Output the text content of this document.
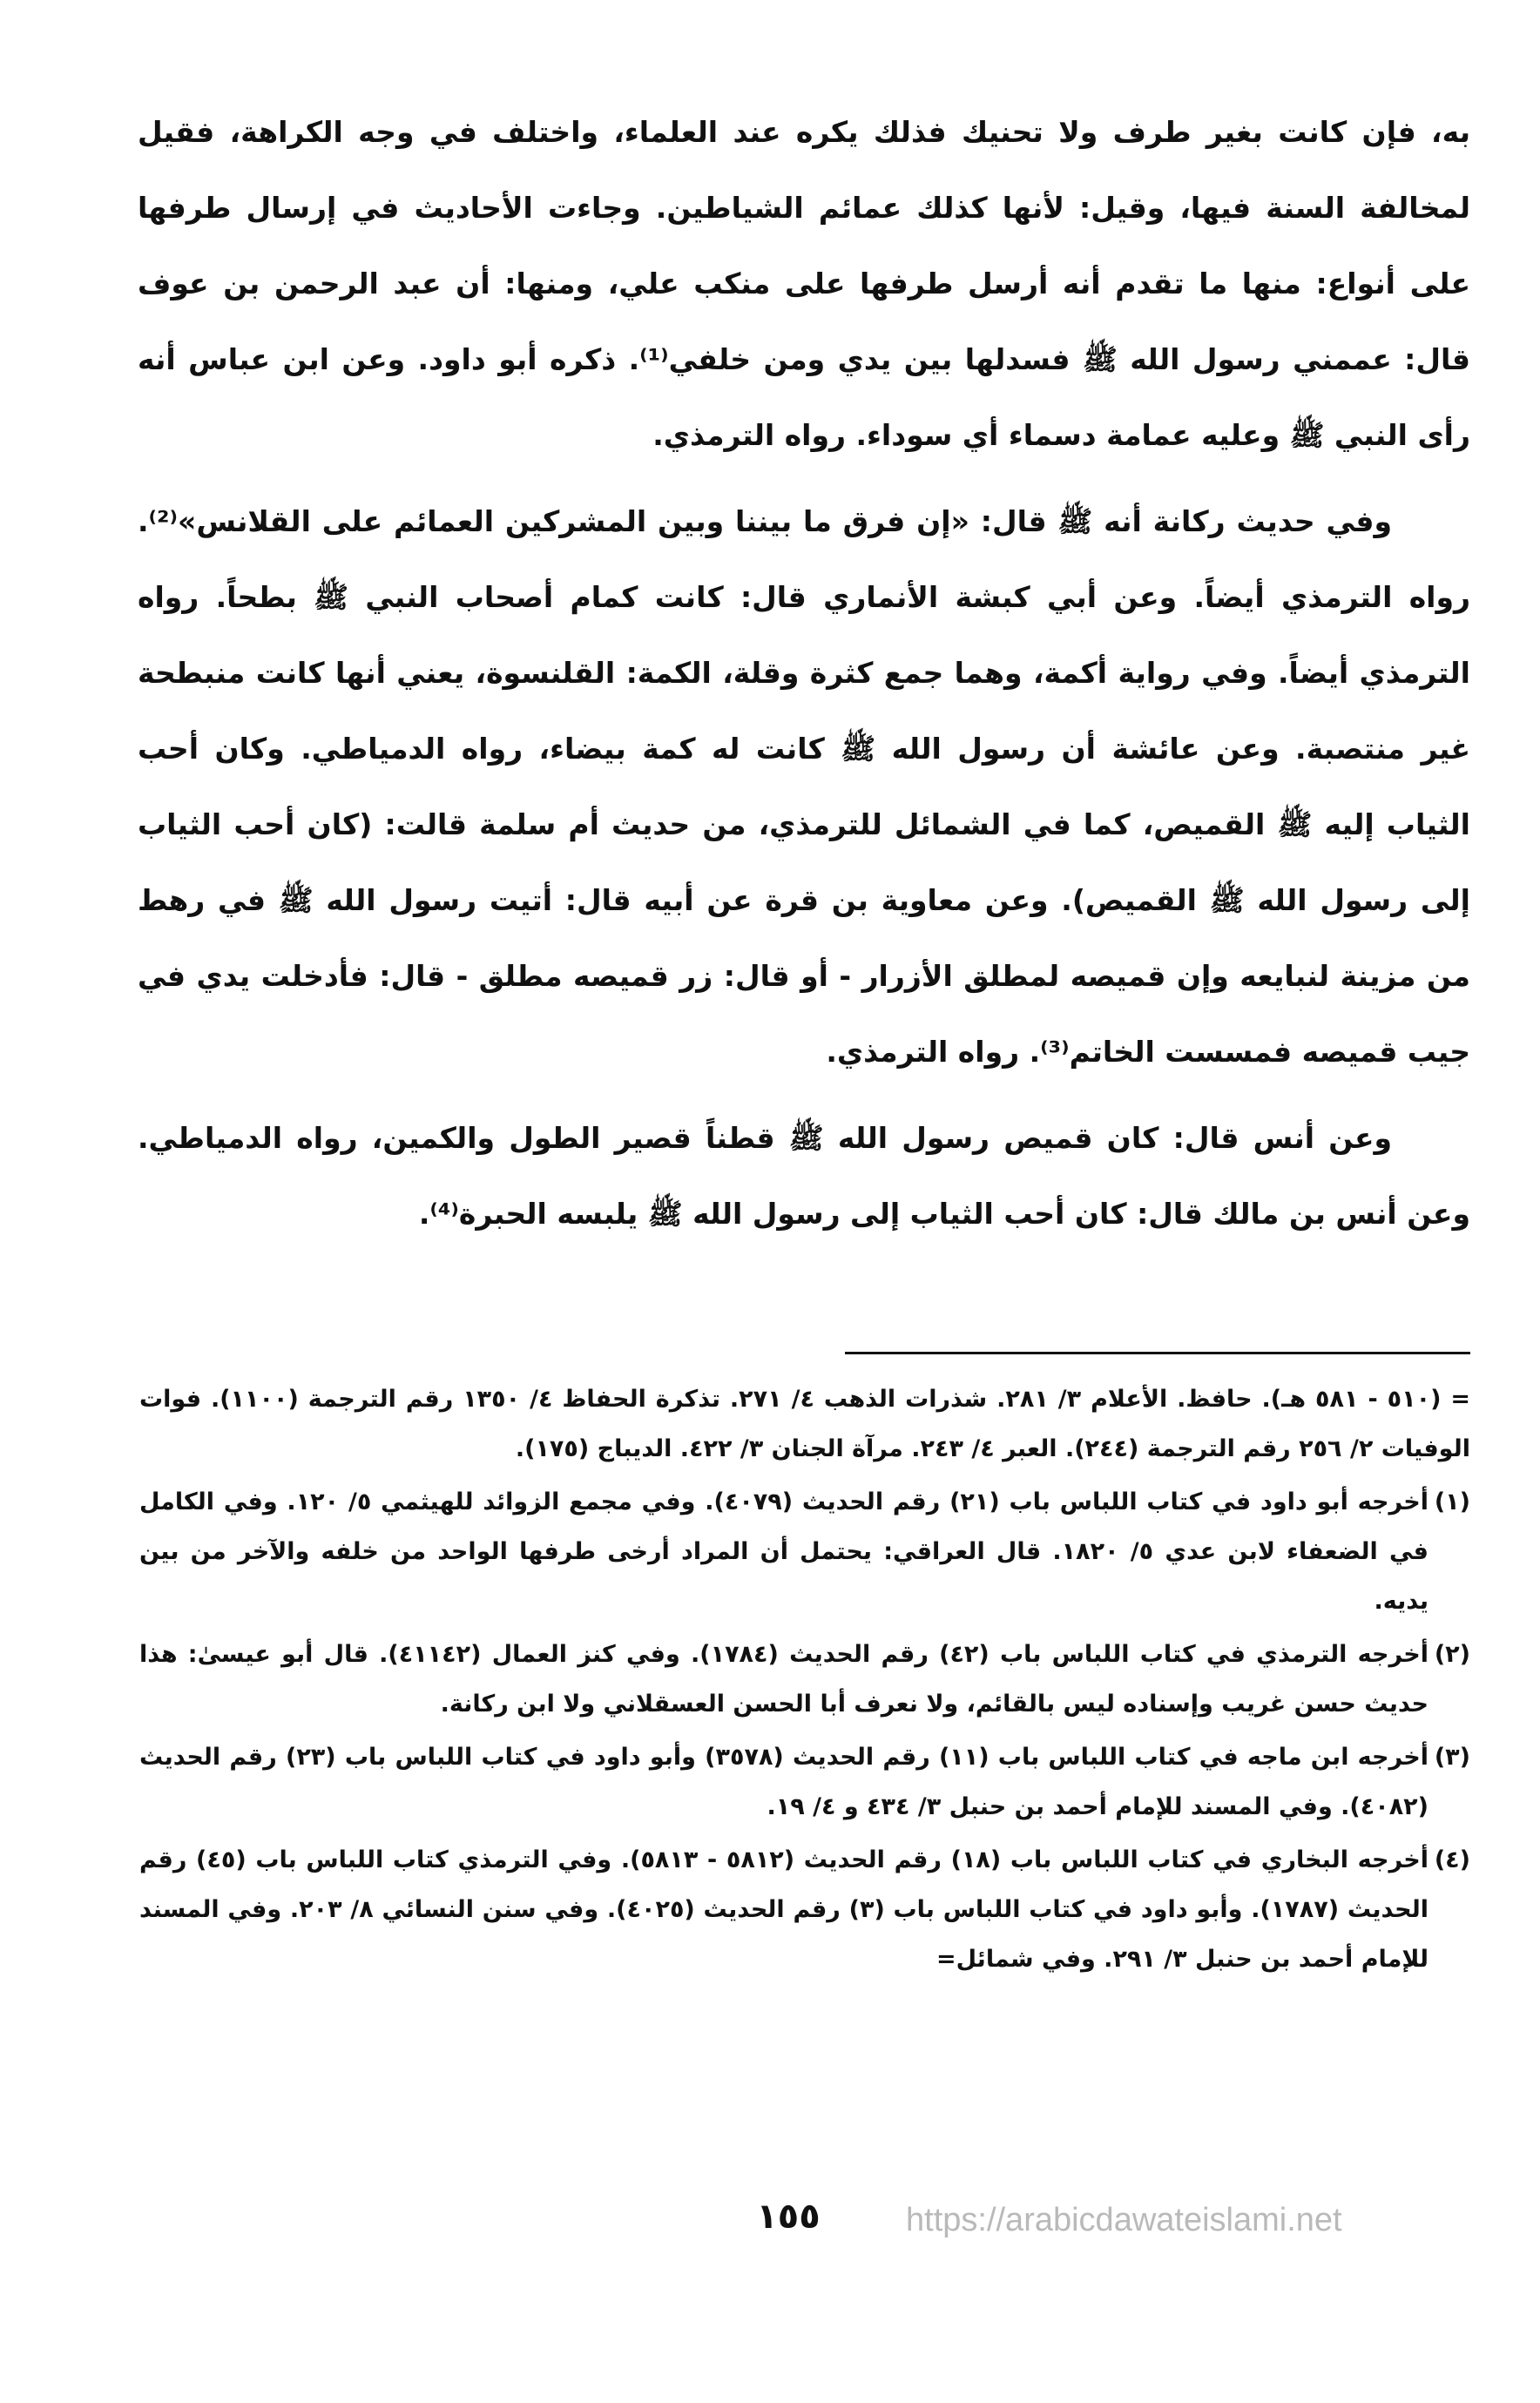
به، فإن كانت بغير طرف ولا تحنيك فذلك يكره عند العلماء، واختلف في وجه الكراهة، فقيل لمخالفة السنة فيها، وقيل: لأنها كذلك عمائم الشياطين. وجاءت الأحاديث في إرسال طرفها على أنواع: منها ما تقدم أنه أرسل طرفها على منكب علي، ومنها: أن عبد الرحمن بن عوف قال: عممني رسول الله ﷺ فسدلها بين يدي ومن خلفي⁽¹⁾. ذكره أبو داود. وعن ابن عباس أنه رأى النبي ﷺ وعليه عمامة دسماء أي سوداء. رواه الترمذي.

وفي حديث ركانة أنه ﷺ قال: «إن فرق ما بيننا وبين المشركين العمائم على القلانس»⁽²⁾. رواه الترمذي أيضاً. وعن أبي كبشة الأنماري قال: كانت كمام أصحاب النبي ﷺ بطحاً. رواه الترمذي أيضاً. وفي رواية أكمة، وهما جمع كثرة وقلة، الكمة: القلنسوة، يعني أنها كانت منبطحة غير منتصبة. وعن عائشة أن رسول الله ﷺ كانت له كمة بيضاء، رواه الدمياطي. وكان أحب الثياب إليه ﷺ القميص، كما في الشمائل للترمذي، من حديث أم سلمة قالت: (كان أحب الثياب إلى رسول الله ﷺ القميص). وعن معاوية بن قرة عن أبيه قال: أتيت رسول الله ﷺ في رهط من مزينة لنبايعه وإن قميصه لمطلق الأزرار - أو قال: زر قميصه مطلق - قال: فأدخلت يدي في جيب قميصه فمسست الخاتم⁽³⁾. رواه الترمذي.

وعن أنس قال: كان قميص رسول الله ﷺ قطناً قصير الطول والكمين، رواه الدمياطي. وعن أنس بن مالك قال: كان أحب الثياب إلى رسول الله ﷺ يلبسه الحبرة⁽⁴⁾.

= (٥١٠ - ٥٨١ هـ). حافظ. الأعلام ٣/ ٢٨١. شذرات الذهب ٤/ ٢٧١. تذكرة الحفاظ ٤/ ١٣٥٠ رقم الترجمة (١١٠٠). فوات الوفيات ٢/ ٢٥٦ رقم الترجمة (٢٤٤). العبر ٤/ ٢٤٣. مرآة الجنان ٣/ ٤٢٢. الديباج (١٧٥).

(١)
أخرجه أبو داود في كتاب اللباس باب (٢١) رقم الحديث (٤٠٧٩). وفي مجمع الزوائد للهيثمي ٥/ ١٢٠. وفي الكامل في الضعفاء لابن عدي ٥/ ١٨٢٠. قال العراقي: يحتمل أن المراد أرخى طرفها الواحد من خلفه والآخر من بين يديه.

(٢)
أخرجه الترمذي في كتاب اللباس باب (٤٢) رقم الحديث (١٧٨٤). وفي كنز العمال (٤١١٤٢). قال أبو عيسىٰ: هذا حديث حسن غريب وإسناده ليس بالقائم، ولا نعرف أبا الحسن العسقلاني ولا ابن ركانة.

(٣)
أخرجه ابن ماجه في كتاب اللباس باب (١١) رقم الحديث (٣٥٧٨) وأبو داود في كتاب اللباس باب (٢٣) رقم الحديث (٤٠٨٢). وفي المسند للإمام أحمد بن حنبل ٣/ ٤٣٤ و ٤/ ١٩.

(٤)
أخرجه البخاري في كتاب اللباس باب (١٨) رقم الحديث (٥٨١٢ - ٥٨١٣). وفي الترمذي كتاب اللباس باب (٤٥) رقم الحديث (١٧٨٧). وأبو داود في كتاب اللباس باب (٣) رقم الحديث (٤٠٢٥). وفي سنن النسائي ٨/ ٢٠٣. وفي المسند للإمام أحمد بن حنبل ٣/ ٢٩١. وفي شمائل=

١٥٥	https://arabicdawateislami.net
